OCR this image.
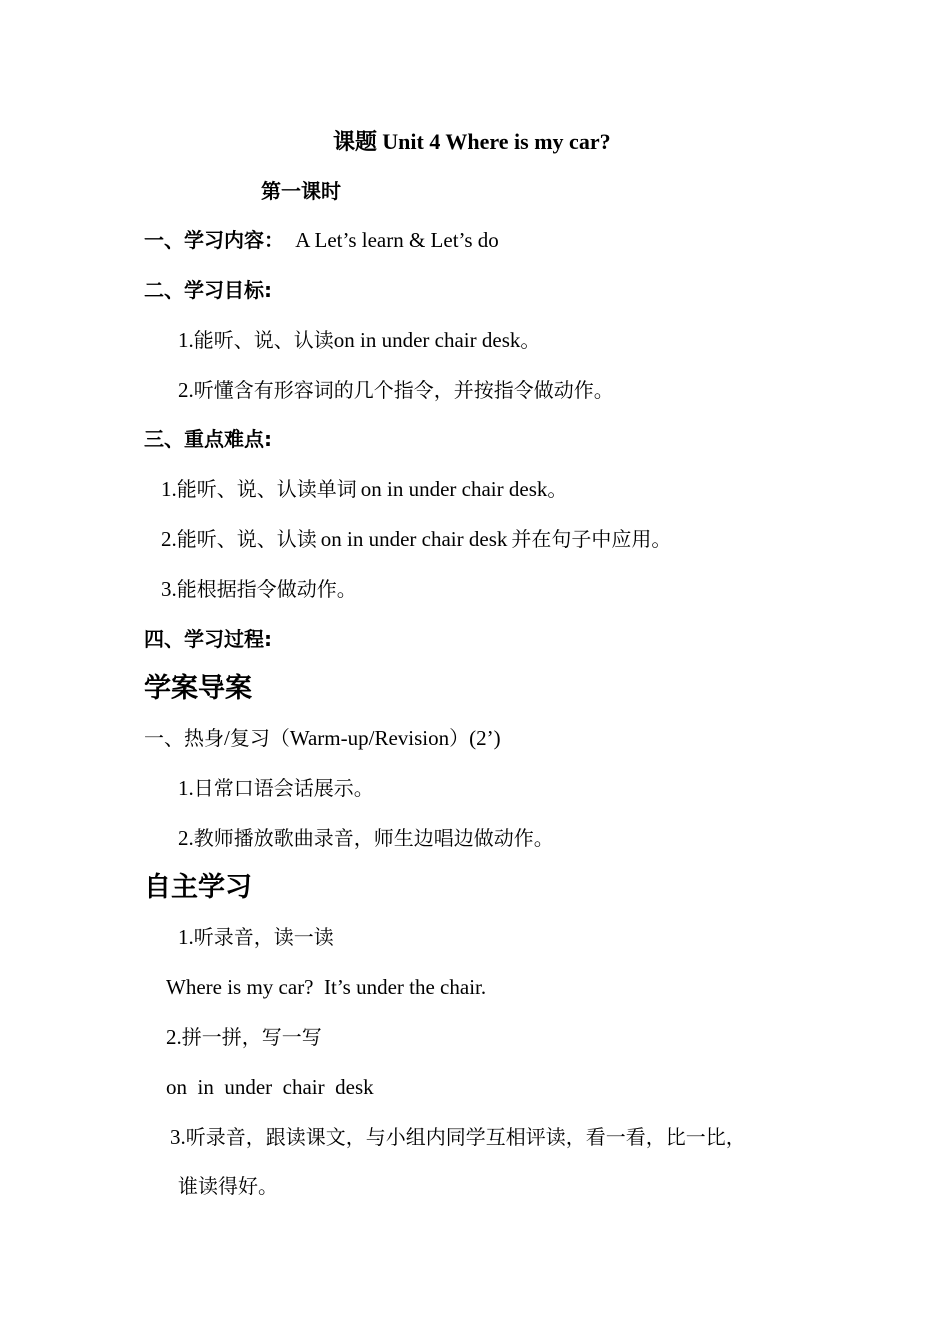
课题 Unit 4 Where is my car?
第一课时
一、学习内容： A Let’s learn & Let’s do
二、学习目标:
1.能听、说、认读on in under chair desk。
2.听懂含有形容词的几个指令，并按指令做动作。
三、重点难点:
1.能听、说、认读单词 on in under chair desk。
2.能听、说、认读 on in under chair desk 并在句子中应用。
3.能根据指令做动作。
四、学习过程:
学案导案
一、热身/复习（Warm-up/Revision）(2’)
1.日常口语会话展示。
2.教师播放歌曲录音，师生边唱边做动作。
自主学习
1.听录音，读一读
Where is my car?  It’s under the chair.
2.拼一拼，写一写
on  in  under  chair  desk
3.听录音，跟读课文，与小组内同学互相评读，看一看，比一比，
谁读得好。
